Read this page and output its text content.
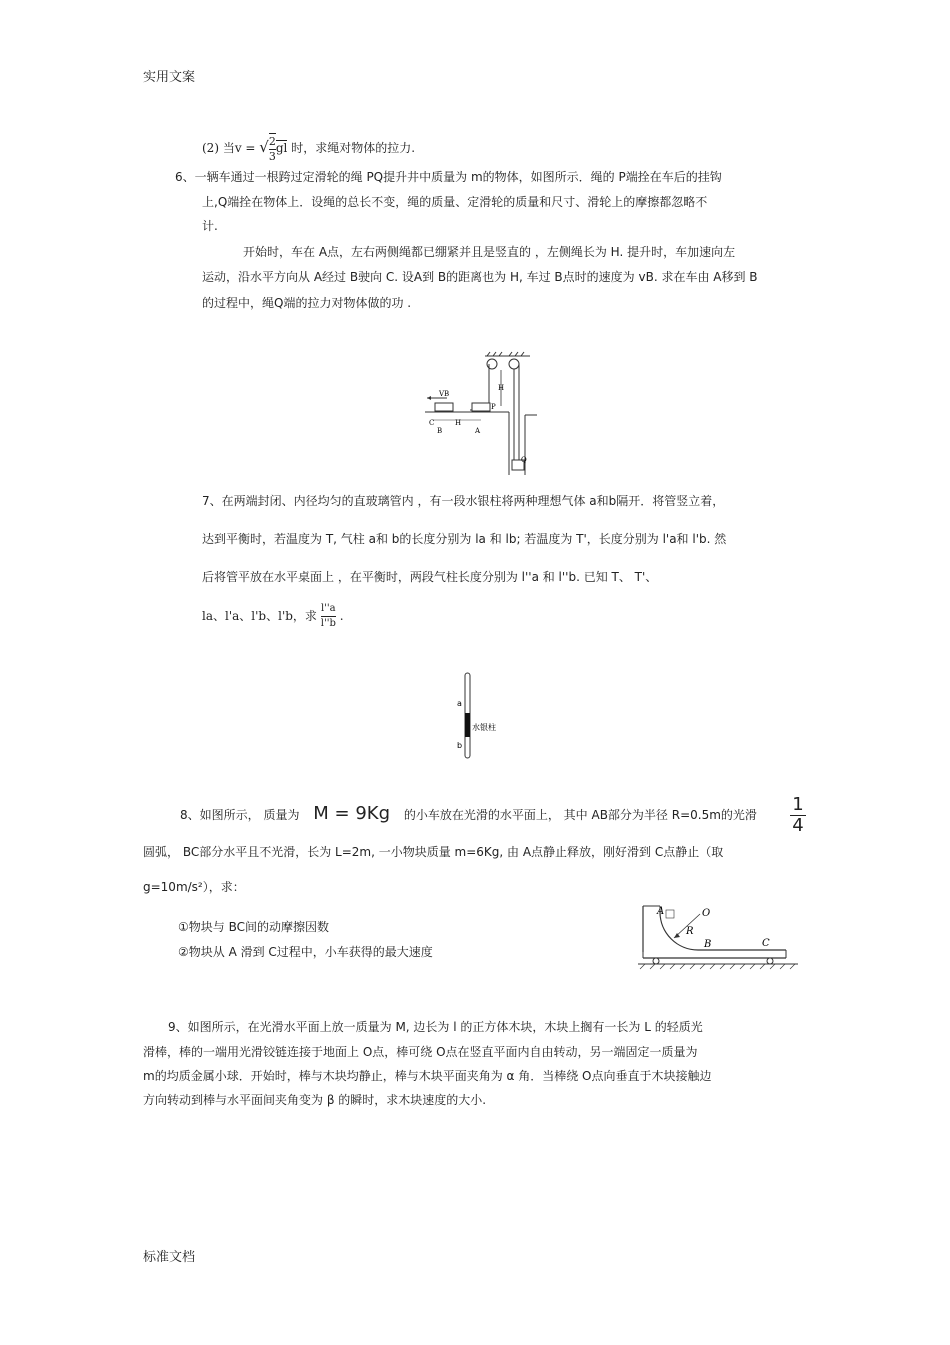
实用文案
标准文档
(2) 当v = √ $\frac{2}{3}$ gl 时，求绳对物体的拉力.
6、一辆车通过一根跨过定滑轮的绳 PQ提升井中质量为 m的物体，如图所示．绳的 P端拴在车后的挂钩
上,Q端拴在物体上．设绳的总长不变，绳的质量、定滑轮的质量和尺寸、滑轮上的摩擦都忽略不
计.
开始时，车在 A点，左右两侧绳都已绷紧并且是竖直的 ，左侧绳长为 H. 提升时，车加速向左
运动，沿水平方向从 A经过 B驶向 C. 设A到 B的距离也为 H, 车过 B点时的速度为 vB. 求在车由 A移到 B
的过程中，绳Q端的拉力对物体做的功 .
VB
C
B
H
A
H
P
Q
7、在两端封闭、内径均匀的直玻璃管内 ，有一段水银柱将两种理想气体 a和b隔开．将管竖立着，
达到平衡时，若温度为 T, 气柱 a和 b的长度分别为 la 和 lb; 若温度为 T'，长度分别为 l'a和 l'b. 然
后将管平放在水平桌面上 ，在平衡时，两段气柱长度分别为 l''a 和 l''b. 已知 T、 T'、
la、l'a、l'b、l'b，求 $\frac{l''a}{l''b}$ .
a
b
水银柱
8、如图所示， 质量为 M = 9Kg 的小车放在光滑的水平面上， 其中 AB部分为半径 R=0.5m的光滑 $\frac{1}{4}$
圆弧， BC部分水平且不光滑，长为 L=2m, 一小物块质量 m=6Kg, 由 A点静止释放，刚好滑到 C点静止（取
g=10m/s²），求：
①物块与 BC间的动摩擦因数
②物块从 A 滑到 C过程中，小车获得的最大速度
A	O
R
B	C
9、如图所示，在光滑水平面上放一质量为 M, 边长为 l 的正方体木块，木块上搁有一长为 L 的轻质光
滑棒，棒的一端用光滑铰链连接于地面上 O点，棒可绕 O点在竖直平面内自由转动，另一端固定一质量为
m的均质金属小球．开始时，棒与木块均静止，棒与木块平面夹角为 α 角．当棒绕 O点向垂直于木块接触边
方向转动到棒与水平面间夹角变为 β 的瞬时，求木块速度的大小.
